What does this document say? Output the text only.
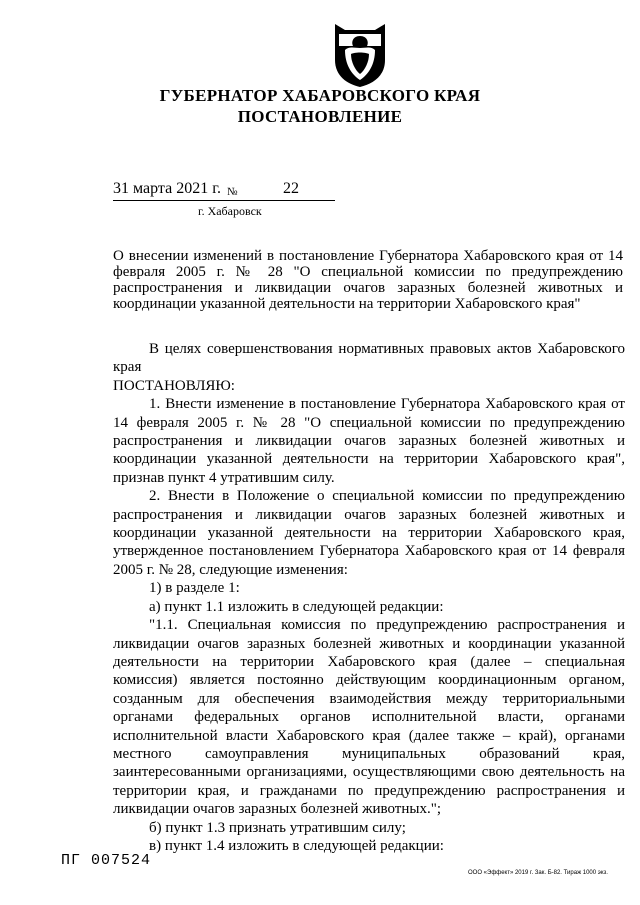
ГУБЕРНАТОР ХАБАРОВСКОГО КРАЯ
ПОСТАНОВЛЕНИЕ
31 марта 2021 г. №	22
г. Хабаровск
О внесении изменений в постановление Губернатора Хабаровского края от 14 февраля 2005 г. № 28 "О специальной комиссии по предупреждению распространения и ликвидации очагов заразных болезней животных и координации указанной деятельности на территории Хабаровского края"

В целях совершенствования нормативных правовых актов Хабаровского края

ПОСТАНОВЛЯЮ:

1. Внести изменение в постановление Губернатора Хабаровского края от 14 февраля 2005 г. № 28 "О специальной комиссии по предупреждению распространения и ликвидации очагов заразных болезней животных и координации указанной деятельности на территории Хабаровского края", признав пункт 4 утратившим силу.

2. Внести в Положение о специальной комиссии по предупреждению распространения и ликвидации очагов заразных болезней животных и координации указанной деятельности на территории Хабаровского края, утвержденное постановлением Губернатора Хабаровского края от 14 февраля 2005 г. № 28, следующие изменения:

1) в разделе 1:

а) пункт 1.1 изложить в следующей редакции:

"1.1. Специальная комиссия по предупреждению распространения и ликвидации очагов заразных болезней животных и координации указанной деятельности на территории Хабаровского края (далее – специальная комиссия) является постоянно действующим координационным органом, созданным для обеспечения взаимодействия между территориальными органами федеральных органов исполнительной власти, органами исполнительной власти Хабаровского края (далее также – край), органами местного самоуправления муниципальных образований края, заинтересованными организациями, осуществляющими свою деятельность на территории края, и гражданами по предупреждению распространения и ликвидации очагов заразных болезней животных.";

б) пункт 1.3 признать утратившим силу;

в) пункт 1.4 изложить в следующей редакции:

ПГ 007524
ООО «Эффект» 2019 г. Зак. Б-82. Тираж 1000 экз.
